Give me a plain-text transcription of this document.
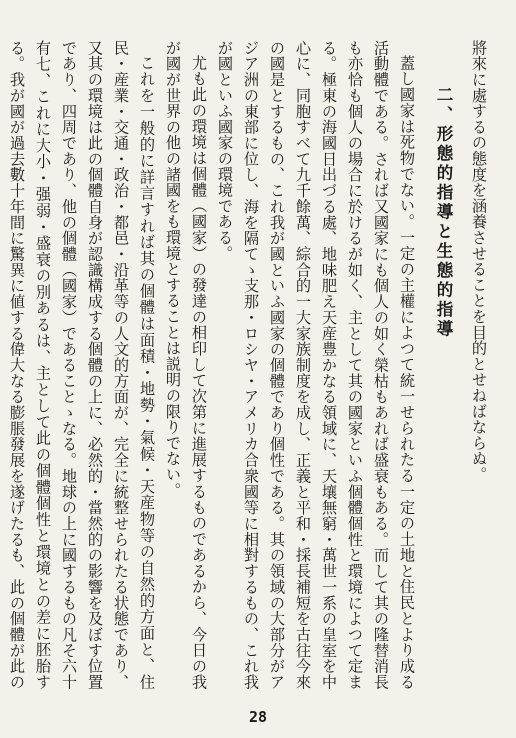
將來に處するの態度を涵養させることを目的とせねばならぬ。

二、形態的指導と生態的指導

蓋し國家は死物でない。一定の主權によつて統一せられたる一定の土地と住民とより成る活動體である。されば又國家にも個人の如く榮枯もあれば盛衰もある。而して其の隆替消長も亦恰も個人の場合に於けるが如く、主として其の國家といふ個體個性と環境によつて定まる。極東の海國日出づる處、地味肥え天産豊かなる領域に、天壤無窮・萬世一系の皇室を中心に、同胞すべて九千餘萬、綜合的一大家族制度を成し、正義と平和・採長補短を古往今來の國是とするもの、これ我が國といふ國家の個體であり個性である。其の領域の大部分がアジア洲の東部に位し、海を隔てゝ支那・ロシヤ・アメリカ合衆國等に相對するもの、これ我が國といふ國家の環境である。

尤も此の環境は個體（國家）の發達の相印して次第に進展するものであるから、今日の我が國が世界の他の諸國をも環境とすることは説明の限りでない。

これを一般的に詳言すれば其の個體は面積・地勢・氣候・天産物等の自然的方面と、住民・産業・交通・政治・都邑・沿革等の人文的方面が、完全に統整せられたる状態であり、又其の環境は此の個體自身が認識構成する個體の上に、必然的・當然的の影響を及ぼす位置であり、四周であり、他の個體（國家）であることゝなる。地球の上に國するもの凡そ六十有七、これに大小・强弱・盛衰の別あるは、主として此の個體個性と環境との差に胚胎する。我が國が過去數十年間に驚異に値する偉大なる膨脹發展を遂げたるも、此の個體が此の

28
